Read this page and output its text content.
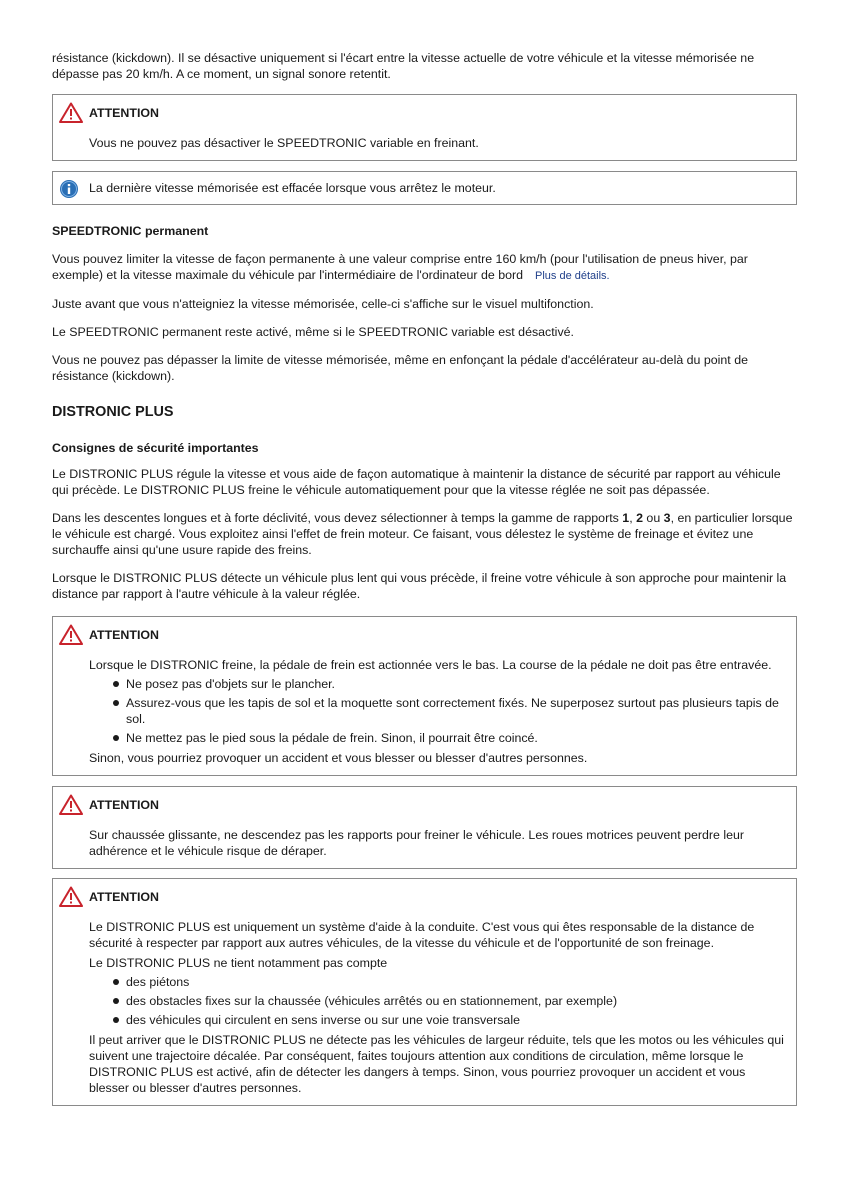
résistance (kickdown). Il se désactive uniquement si l'écart entre la vitesse actuelle de votre véhicule et la vitesse mémorisée ne dépasse pas 20 km/h. A ce moment, un signal sonore retentit.

ATTENTION

Vous ne pouvez pas désactiver le SPEEDTRONIC variable en freinant.

La dernière vitesse mémorisée est effacée lorsque vous arrêtez le moteur.

SPEEDTRONIC permanent

Vous pouvez limiter la vitesse de façon permanente à une valeur comprise entre 160 km/h (pour l'utilisation de pneus hiver, par exemple) et la vitesse maximale du véhicule par l'intermédiaire de l'ordinateur de bord Plus de détails.

Juste avant que vous n'atteigniez la vitesse mémorisée, celle-ci s'affiche sur le visuel multifonction.

Le SPEEDTRONIC permanent reste activé, même si le SPEEDTRONIC variable est désactivé.

Vous ne pouvez pas dépasser la limite de vitesse mémorisée, même en enfonçant la pédale d'accélérateur au-delà du point de résistance (kickdown).

DISTRONIC PLUS

Consignes de sécurité importantes

Le DISTRONIC PLUS régule la vitesse et vous aide de façon automatique à maintenir la distance de sécurité par rapport au véhicule qui précède. Le DISTRONIC PLUS freine le véhicule automatiquement pour que la vitesse réglée ne soit pas dépassée.

Dans les descentes longues et à forte déclivité, vous devez sélectionner à temps la gamme de rapports 1, 2 ou 3, en particulier lorsque le véhicule est chargé. Vous exploitez ainsi l'effet de frein moteur. Ce faisant, vous délestez le système de freinage et évitez une surchauffe ainsi qu'une usure rapide des freins.

Lorsque le DISTRONIC PLUS détecte un véhicule plus lent qui vous précède, il freine votre véhicule à son approche pour maintenir la distance par rapport à l'autre véhicule à la valeur réglée.

ATTENTION

Lorsque le DISTRONIC freine, la pédale de frein est actionnée vers le bas. La course de la pédale ne doit pas être entravée.

Ne posez pas d'objets sur le plancher.
Assurez-vous que les tapis de sol et la moquette sont correctement fixés. Ne superposez surtout pas plusieurs tapis de sol.
Ne mettez pas le pied sous la pédale de frein. Sinon, il pourrait être coincé.

Sinon, vous pourriez provoquer un accident et vous blesser ou blesser d'autres personnes.

ATTENTION

Sur chaussée glissante, ne descendez pas les rapports pour freiner le véhicule. Les roues motrices peuvent perdre leur adhérence et le véhicule risque de déraper.

ATTENTION

Le DISTRONIC PLUS est uniquement un système d'aide à la conduite. C'est vous qui êtes responsable de la distance de sécurité à respecter par rapport aux autres véhicules, de la vitesse du véhicule et de l'opportunité de son freinage.

Le DISTRONIC PLUS ne tient notamment pas compte

des piétons
des obstacles fixes sur la chaussée (véhicules arrêtés ou en stationnement, par exemple)
des véhicules qui circulent en sens inverse ou sur une voie transversale

Il peut arriver que le DISTRONIC PLUS ne détecte pas les véhicules de largeur réduite, tels que les motos ou les véhicules qui suivent une trajectoire décalée. Par conséquent, faites toujours attention aux conditions de circulation, même lorsque le DISTRONIC PLUS est activé, afin de détecter les dangers à temps. Sinon, vous pourriez provoquer un accident et vous blesser ou blesser d'autres personnes.
